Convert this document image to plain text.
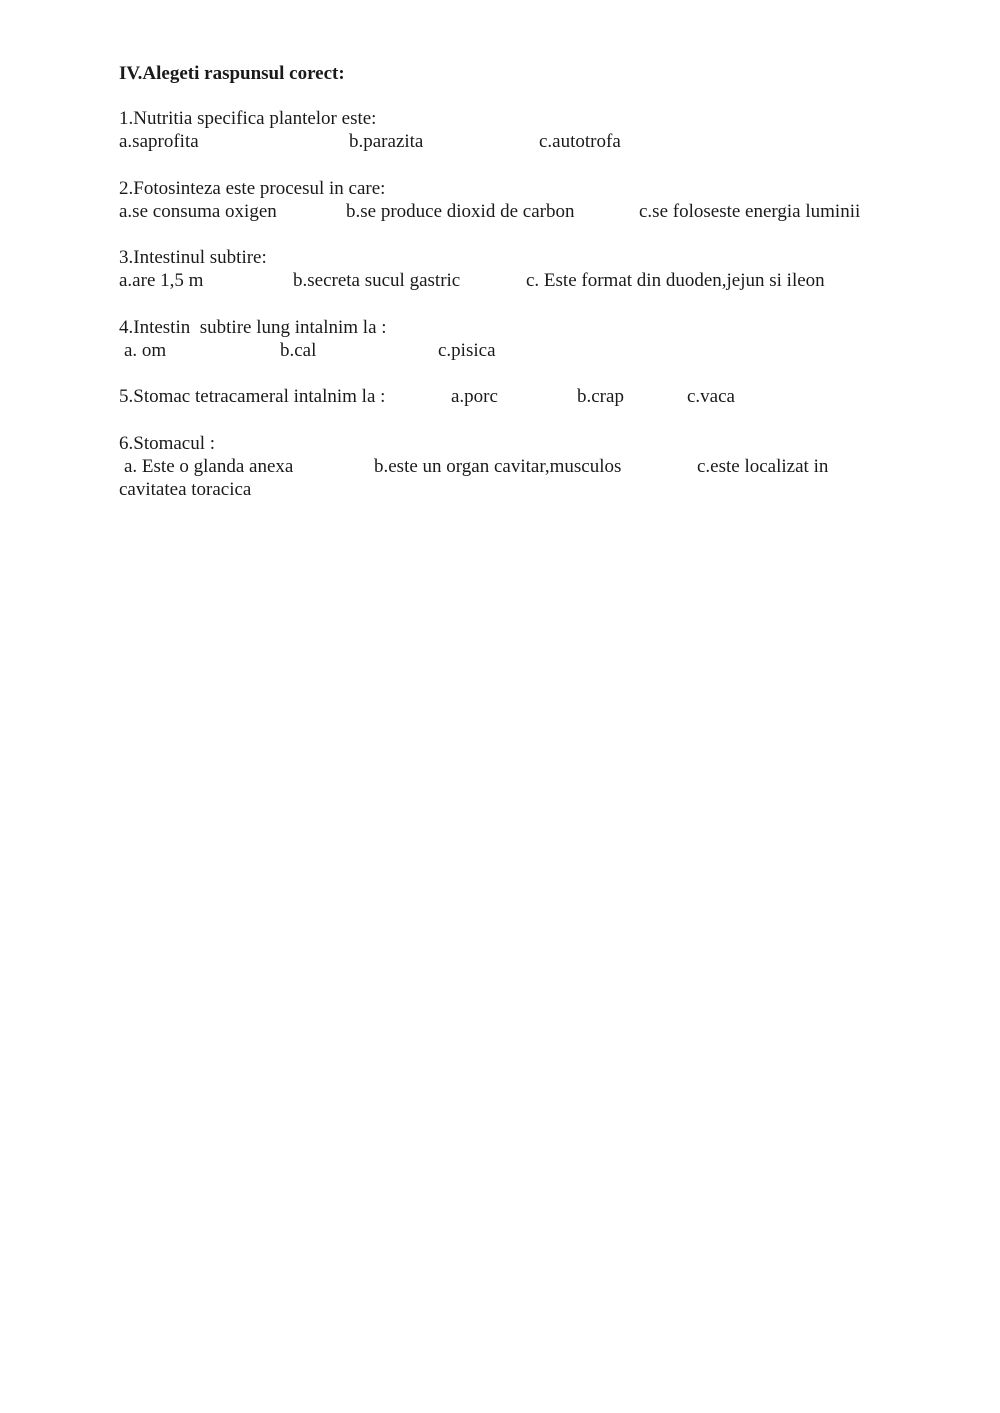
IV.Alegeti raspunsul corect:
1.Nutritia specifica plantelor este:
a.saprofita	b.parazita	c.autotrofa
2.Fotosinteza este procesul in care:
a.se consuma oxigen	b.se produce dioxid de carbon	c.se foloseste energia luminii
3.Intestinul subtire:
a.are 1,5 m	b.secreta sucul gastric	c. Este format din duoden,jejun si ileon
4.Intestin  subtire lung intalnim la :
a. om	b.cal	c.pisica
5.Stomac tetracameral intalnim la :	a.porc	b.crap	c.vaca
6.Stomacul :
a. Este o glanda anexa	b.este un organ cavitar,musculos	c.este localizat in
cavitatea toracica
